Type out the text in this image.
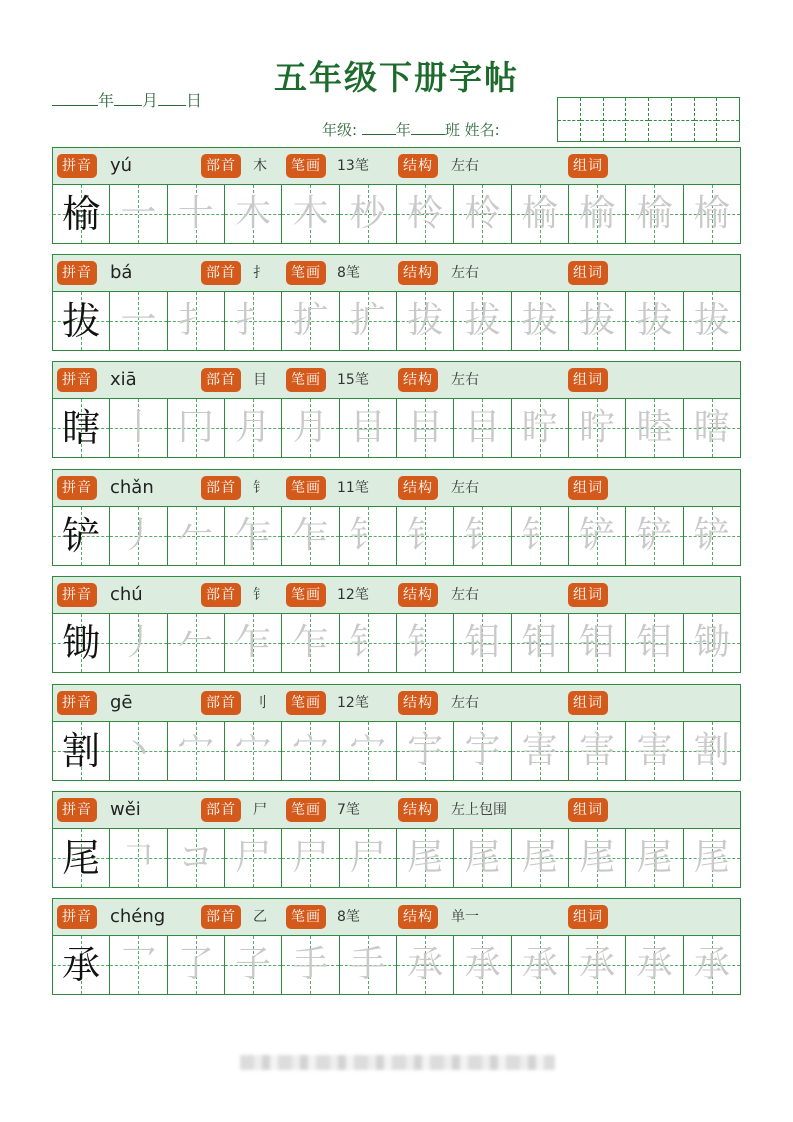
五年级下册字帖
年 月 日
年级:	年 班 姓名:
拼音 yú	部首	木	笔画	13笔	结构	左右	组词
榆 一 十 木 木 杪 柃 柃 榆 榆 榆 榆
拼音 bá	部首	扌	笔画	8笔	结构	左右	组词
拔 一 扌 扌 扩 扩 拔 拔 拔 拔 拔 拔
拼音 xiā	部首	目	笔画	15笔	结构	左右	组词
瞎 丨 冂 月 月 目 目 目 眝 眝 睦 瞎
拼音 chǎn	部首	钅	笔画	11笔	结构	左右	组词
铲 丿 𠂉 乍 乍 钅 钅 钅 钅 铲 铲 铲
拼音 chú	部首	钅	笔画	12笔	结构	左右	组词
锄 丿 𠂉 乍 乍 钅 钅 钼 钼 钼 钼 锄
拼音 gē	部首	刂	笔画	12笔	结构	左右	组词
割 丶 宀 宀 宀 宀 宇 宇 害 害 害 割
拼音 wěi	部首	尸	笔画	7笔	结构	左上包围	组词
尾 𠃍 コ 尸 尸 尸 尾 尾 尾 尾 尾 尾
拼音 chéng	部首	乙	笔画	8笔	结构	单一	组词
承 乛 了 子 手 手 承 承 承 承 承 承
